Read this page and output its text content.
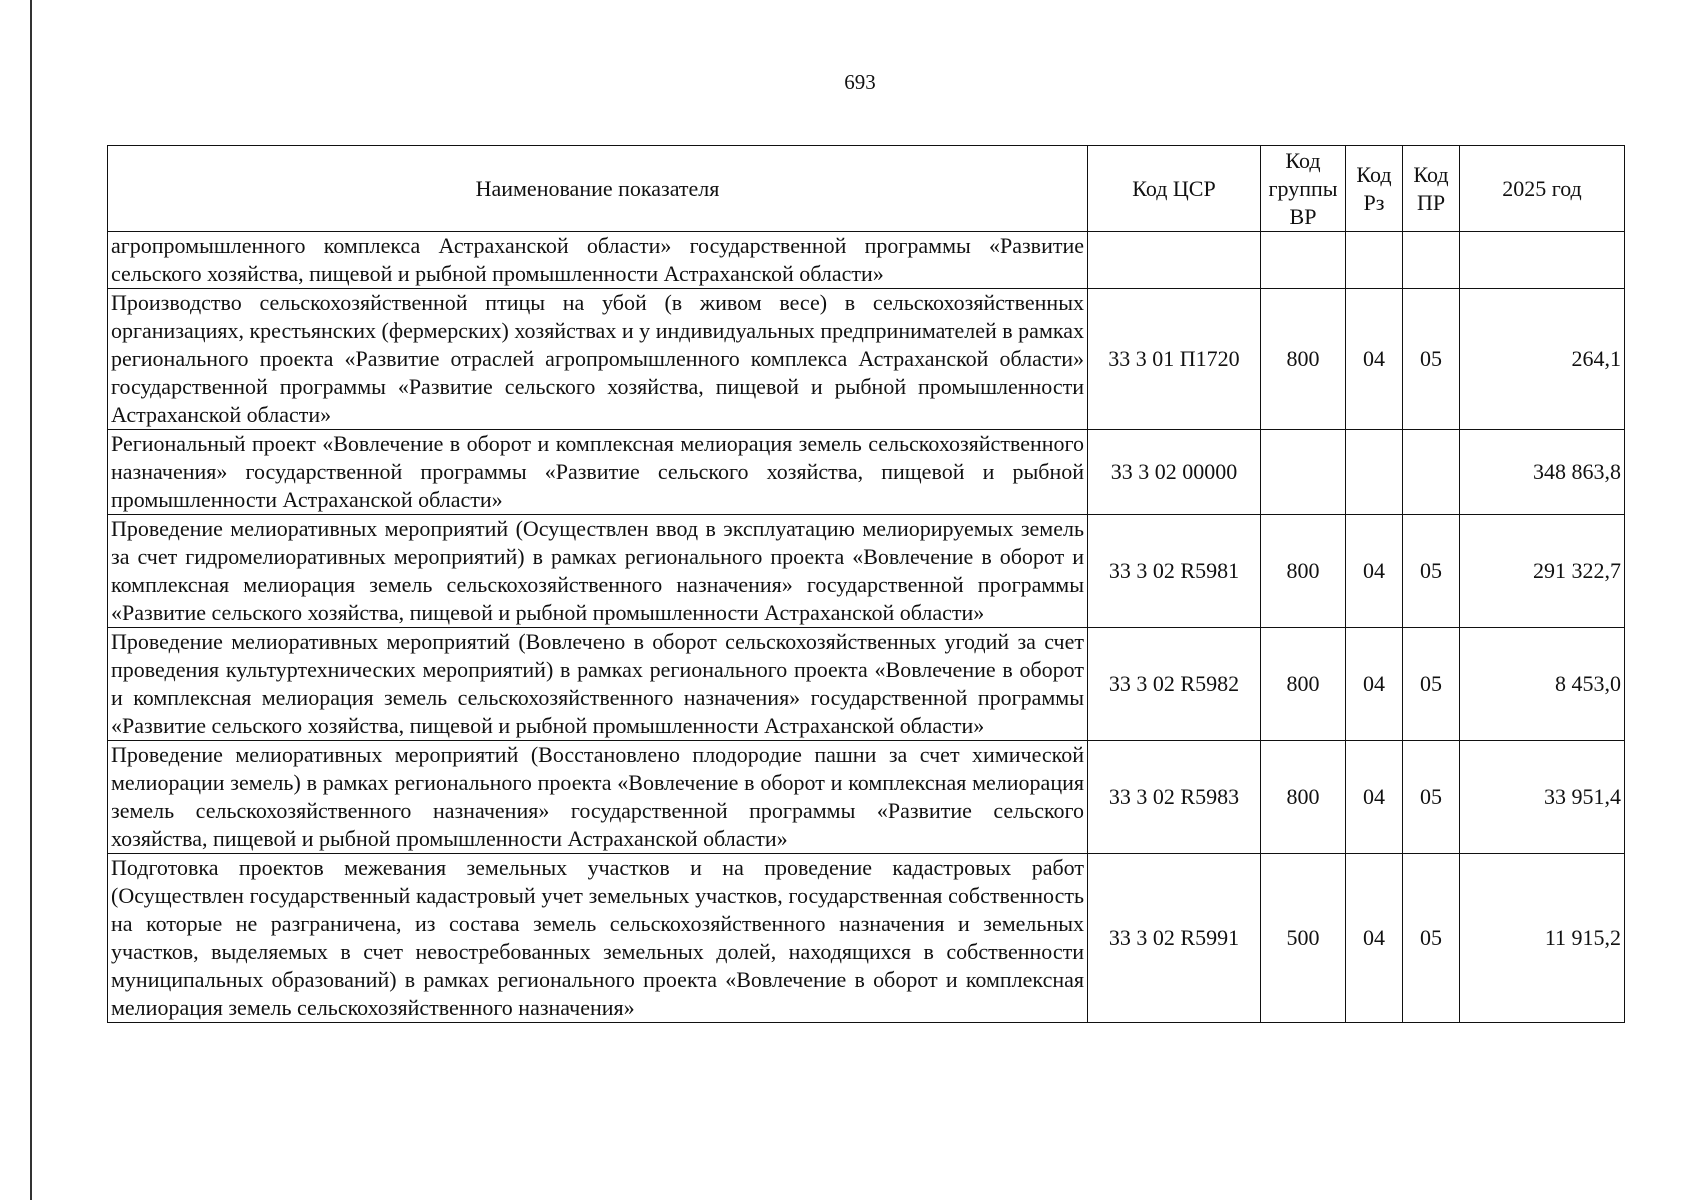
693
Наименование показателя	Код ЦСР	Код группы ВР	Код Рз	Код ПР	2025 год
агропромышленного комплекса Астраханской области» государственной программы «Развитие сельского хозяйства, пищевой и рыбной промышленности Астраханской области»					
Производство сельскохозяйственной птицы на убой (в живом весе) в сельскохозяйственных организациях, крестьянских (фермерских) хозяйствах и у индивидуальных предпринимателей в рамках регионального проекта «Развитие отраслей агропромышленного комплекса Астраханской области» государственной программы «Развитие сельского хозяйства, пищевой и рыбной промышленности Астраханской области»	33 3 01 П1720	800	04	05	264,1
Региональный проект «Вовлечение в оборот и комплексная мелиорация земель сельскохозяйственного назначения» государственной программы «Развитие сельского хозяйства, пищевой и рыбной промышленности Астраханской области»	33 3 02 00000				348 863,8
Проведение мелиоративных мероприятий (Осуществлен ввод в эксплуатацию мелиорируемых земель за счет гидромелиоративных мероприятий) в рамках регионального проекта «Вовлечение в оборот и комплексная мелиорация земель сельскохозяйственного назначения» государственной программы «Развитие сельского хозяйства, пищевой и рыбной промышленности Астраханской области»	33 3 02 R5981	800	04	05	291 322,7
Проведение мелиоративных мероприятий (Вовлечено в оборот сельскохозяйственных угодий за счет проведения культуртехнических мероприятий) в рамках регионального проекта «Вовлечение в оборот и комплексная мелиорация земель сельскохозяйственного назначения» государственной программы «Развитие сельского хозяйства, пищевой и рыбной промышленности Астраханской области»	33 3 02 R5982	800	04	05	8 453,0
Проведение мелиоративных мероприятий (Восстановлено плодородие пашни за счет химической мелиорации земель) в рамках регионального проекта «Вовлечение в оборот и комплексная мелиорация земель сельскохозяйственного назначения» государственной программы «Развитие сельского хозяйства, пищевой и рыбной промышленности Астраханской области»	33 3 02 R5983	800	04	05	33 951,4
Подготовка проектов межевания земельных участков и на проведение кадастровых работ (Осуществлен государственный кадастровый учет земельных участков, государственная собственность на которые не разграничена, из состава земель сельскохозяйственного назначения и земельных участков, выделяемых в счет невостребованных земельных долей, находящихся в собственности муниципальных образований) в рамках регионального проекта «Вовлечение в оборот и комплексная мелиорация земель сельскохозяйственного назначения»	33 3 02 R5991	500	04	05	11 915,2
